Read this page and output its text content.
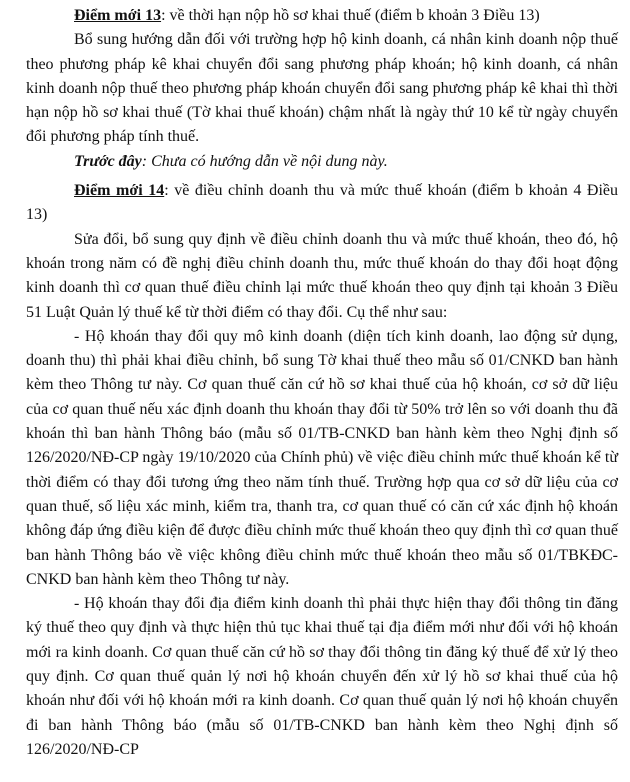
Điểm mới 13: về thời hạn nộp hồ sơ khai thuế (điểm b khoản 3 Điều 13)

Bổ sung hướng dẫn đối với trường hợp hộ kinh doanh, cá nhân kinh doanh nộp thuế theo phương pháp kê khai chuyển đổi sang phương pháp khoán; hộ kinh doanh, cá nhân kinh doanh nộp thuế theo phương pháp khoán chuyển đổi sang phương pháp kê khai thì thời hạn nộp hồ sơ khai thuế (Tờ khai thuế khoán) chậm nhất là ngày thứ 10 kể từ ngày chuyển đổi phương pháp tính thuế.

Trước đây: Chưa có hướng dẫn về nội dung này.

Điểm mới 14: về điều chỉnh doanh thu và mức thuế khoán (điểm b khoản 4 Điều 13)

Sửa đổi, bổ sung quy định về điều chỉnh doanh thu và mức thuế khoán, theo đó, hộ khoán trong năm có đề nghị điều chỉnh doanh thu, mức thuế khoán do thay đổi hoạt động kinh doanh thì cơ quan thuế điều chỉnh lại mức thuế khoán theo quy định tại khoản 3 Điều 51 Luật Quản lý thuế kể từ thời điểm có thay đổi. Cụ thể như sau:

- Hộ khoán thay đổi quy mô kinh doanh (diện tích kinh doanh, lao động sử dụng, doanh thu) thì phải khai điều chỉnh, bổ sung Tờ khai thuế theo mẫu số 01/CNKD ban hành kèm theo Thông tư này. Cơ quan thuế căn cứ hồ sơ khai thuế của hộ khoán, cơ sở dữ liệu của cơ quan thuế nếu xác định doanh thu khoán thay đổi từ 50% trở lên so với doanh thu đã khoán thì ban hành Thông báo (mẫu số 01/TB-CNKD ban hành kèm theo Nghị định số 126/2020/NĐ-CP ngày 19/10/2020 của Chính phủ) về việc điều chỉnh mức thuế khoán kể từ thời điểm có thay đổi tương ứng theo năm tính thuế. Trường hợp qua cơ sở dữ liệu của cơ quan thuế, số liệu xác minh, kiểm tra, thanh tra, cơ quan thuế có căn cứ xác định hộ khoán không đáp ứng điều kiện để được điều chỉnh mức thuế khoán theo quy định thì cơ quan thuế ban hành Thông báo về việc không điều chỉnh mức thuế khoán theo mẫu số 01/TBKĐC-CNKD ban hành kèm theo Thông tư này.

- Hộ khoán thay đổi địa điểm kinh doanh thì phải thực hiện thay đổi thông tin đăng ký thuế theo quy định và thực hiện thủ tục khai thuế tại địa điểm mới như đối với hộ khoán mới ra kinh doanh. Cơ quan thuế căn cứ hồ sơ thay đổi thông tin đăng ký thuế để xử lý theo quy định. Cơ quan thuế quản lý nơi hộ khoán chuyển đến xử lý hồ sơ khai thuế của hộ khoán như đối với hộ khoán mới ra kinh doanh. Cơ quan thuế quản lý nơi hộ khoán chuyển đi ban hành Thông báo (mẫu số 01/TB-CNKD ban hành kèm theo Nghị định số 126/2020/NĐ-CP
